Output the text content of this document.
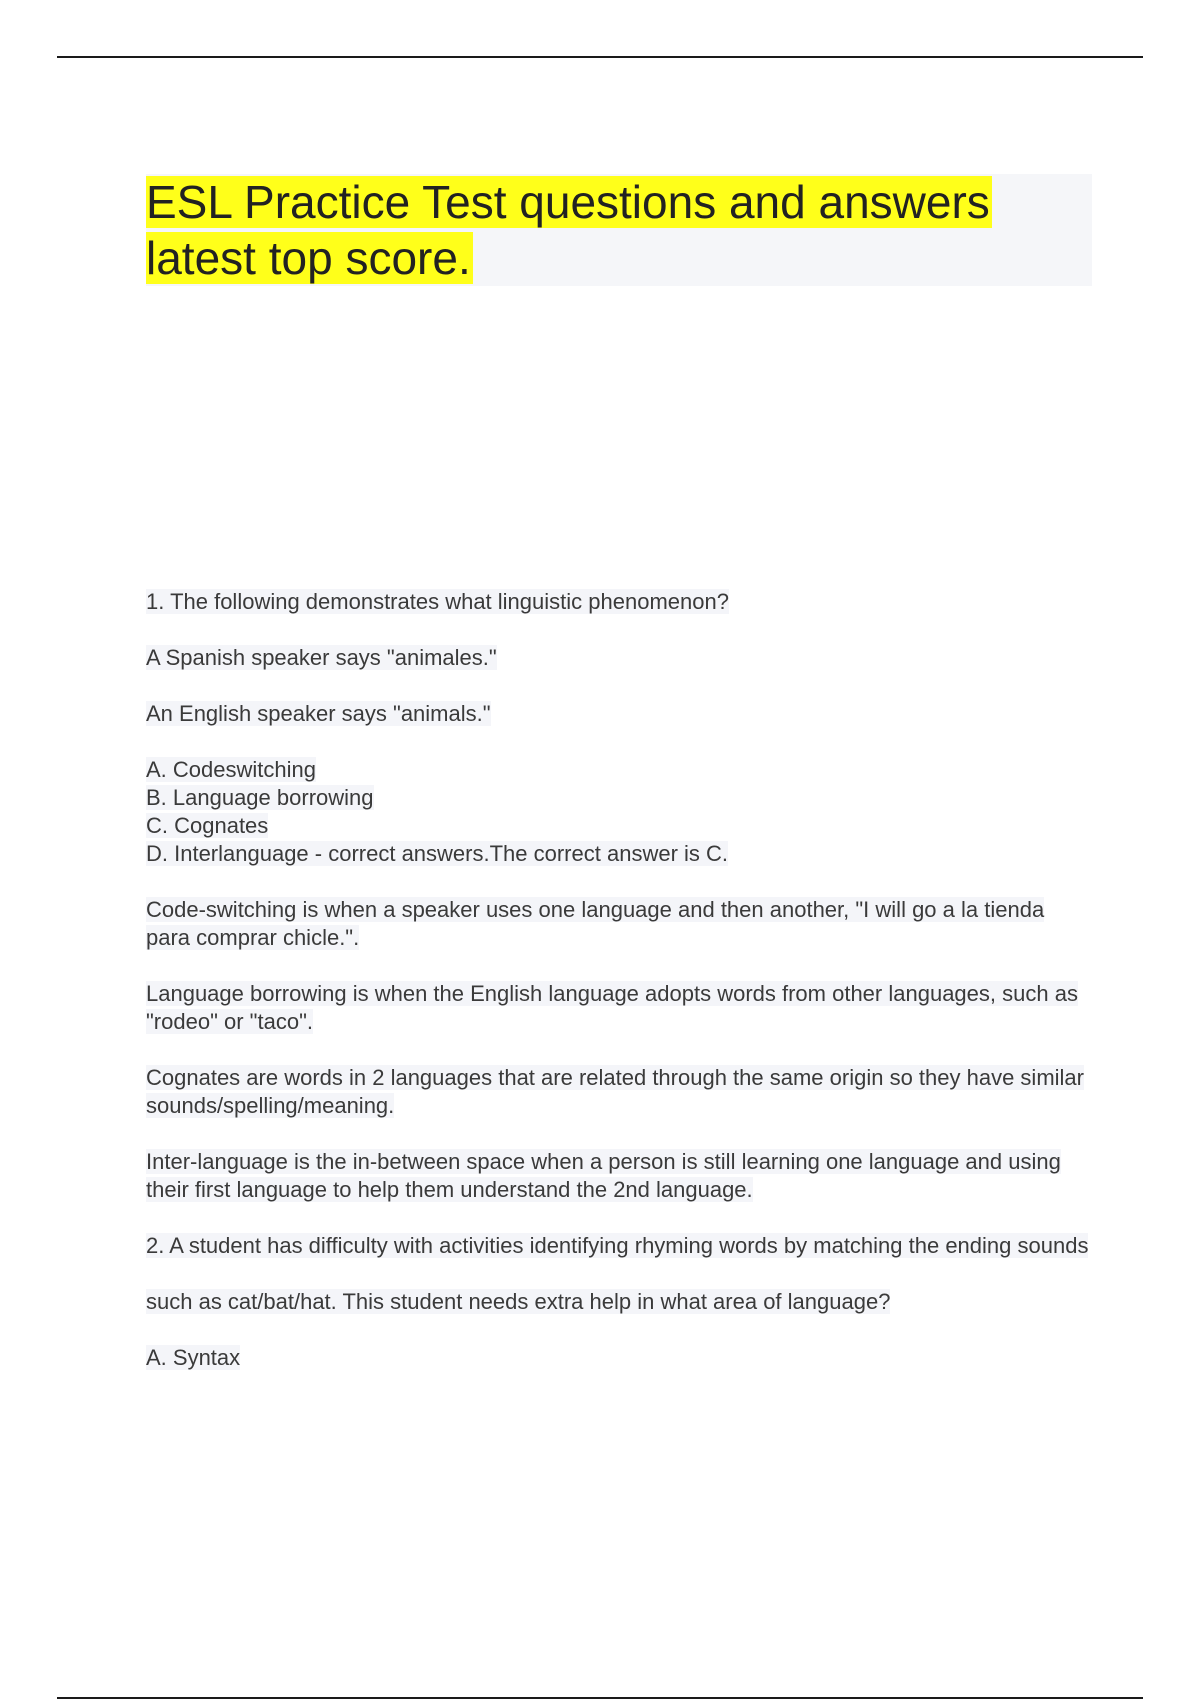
ESL Practice Test questions and answers
latest top score.

1. The following demonstrates what linguistic phenomenon?

A Spanish speaker says "animales."

An English speaker says "animals."

A. Codeswitching
B. Language borrowing
C. Cognates
D. Interlanguage - correct answers.The correct answer is C.

Code-switching is when a speaker uses one language and then another, "I will go a la tienda para comprar chicle.".

Language borrowing is when the English language adopts words from other languages, such as "rodeo" or "taco".

Cognates are words in 2 languages that are related through the same origin so they have similar sounds/spelling/meaning.

Inter-language is the in-between space when a person is still learning one language and using their first language to help them understand the 2nd language.

2. A student has difficulty with activities identifying rhyming words by matching the ending sounds

such as cat/bat/hat. This student needs extra help in what area of language?

A. Syntax
